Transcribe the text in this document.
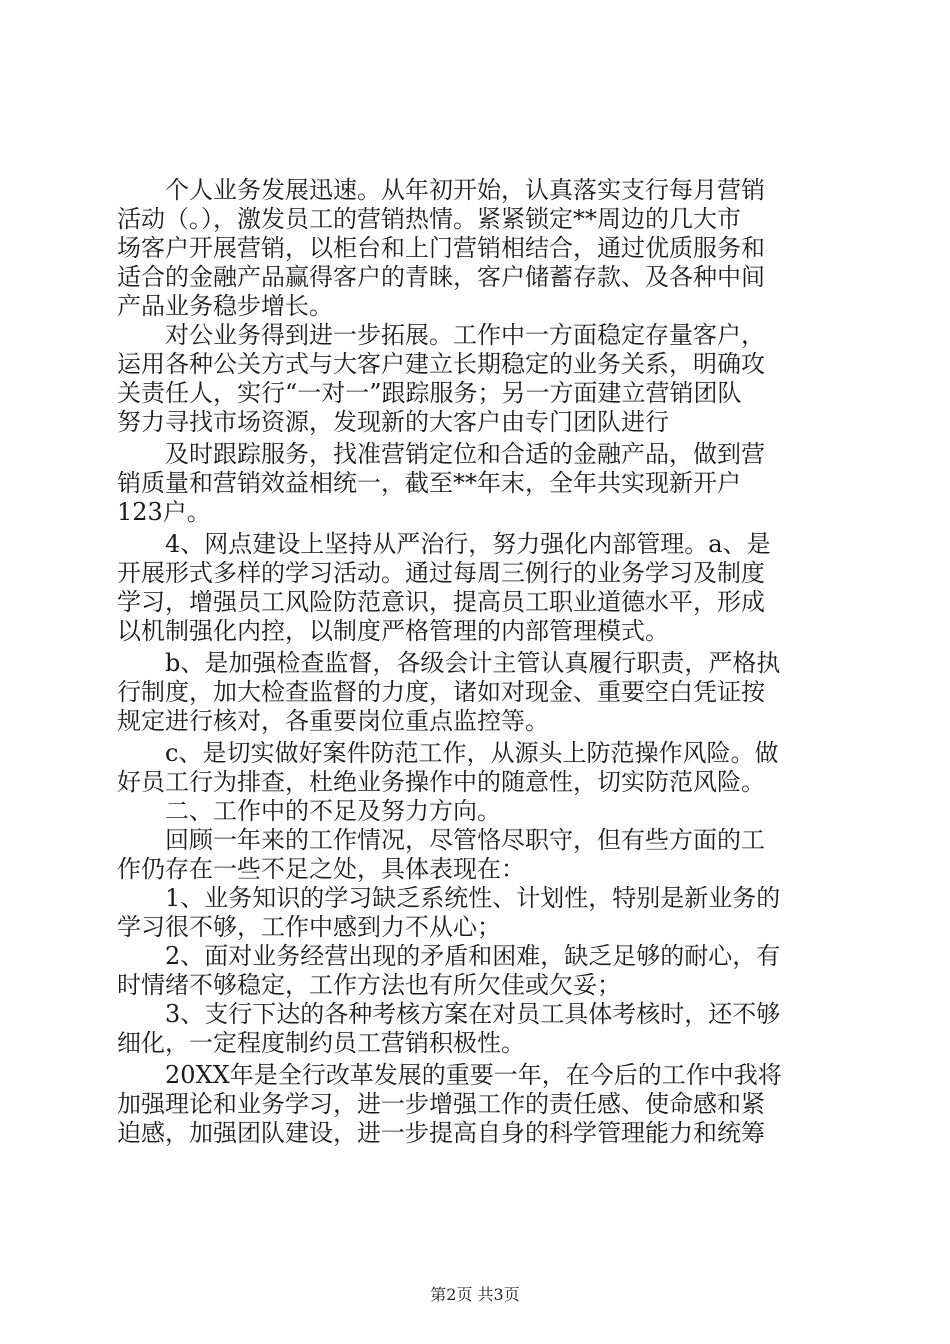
　　个人业务发展迅速。从年初开始，认真落实支行每月营销
活动（。），激发员工的营销热情。紧紧锁定**周边的几大市
场客户开展营销，以柜台和上门营销相结合，通过优质服务和
适合的金融产品赢得客户的青睐，客户储蓄存款、及各种中间
产品业务稳步增长。
　　对公业务得到进一步拓展。工作中一方面稳定存量客户，
运用各种公关方式与大客户建立长期稳定的业务关系，明确攻
关责任人，实行“一对一”跟踪服务；另一方面建立营销团队
努力寻找市场资源，发现新的大客户由专门团队进行
　　及时跟踪服务，找准营销定位和合适的金融产品，做到营
销质量和营销效益相统一，截至**年末，全年共实现新开户
123户。
　　4、网点建设上坚持从严治行，努力强化内部管理。a、是
开展形式多样的学习活动。通过每周三例行的业务学习及制度
学习，增强员工风险防范意识，提高员工职业道德水平，形成
以机制强化内控，以制度严格管理的内部管理模式。
　　b、是加强检查监督，各级会计主管认真履行职责，严格执
行制度，加大检查监督的力度，诸如对现金、重要空白凭证按
规定进行核对，各重要岗位重点监控等。
　　c、是切实做好案件防范工作，从源头上防范操作风险。做
好员工行为排查，杜绝业务操作中的随意性，切实防范风险。
　　二、工作中的不足及努力方向。
　　回顾一年来的工作情况，尽管恪尽职守，但有些方面的工
作仍存在一些不足之处，具体表现在：
　　1、业务知识的学习缺乏系统性、计划性，特别是新业务的
学习很不够，工作中感到力不从心；
　　2、面对业务经营出现的矛盾和困难，缺乏足够的耐心，有
时情绪不够稳定，工作方法也有所欠佳或欠妥；
　　3、支行下达的各种考核方案在对员工具体考核时，还不够
细化，一定程度制约员工营销积极性。
　　20XX年是全行改革发展的重要一年，在今后的工作中我将
加强理论和业务学习，进一步增强工作的责任感、使命感和紧
迫感，加强团队建设，进一步提高自身的科学管理能力和统筹
第2页 共3页
